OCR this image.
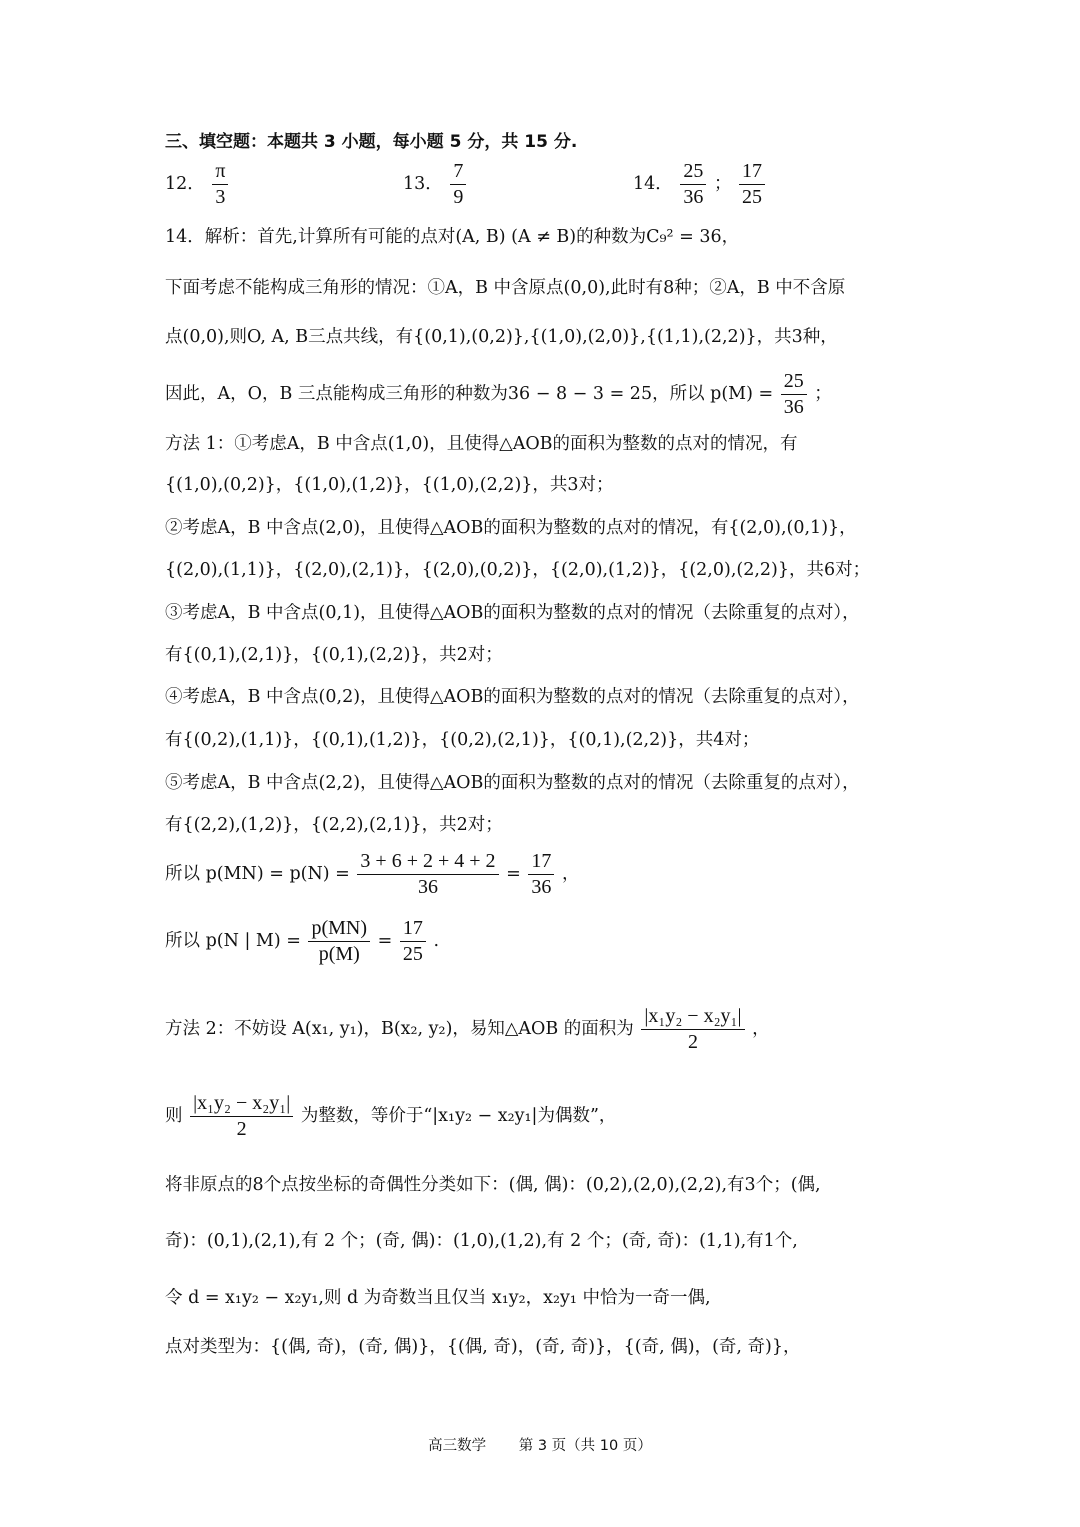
三、填空题：本题共 3 小题，每小题 5 分，共 15 分.
12． $\frac{\pi}{3}$	13． $\frac{7}{9}$	14． $\frac{25}{36}$ ； $\frac{17}{25}$
14．解析：首先,计算所有可能的点对(A, B) (A ≠ B)的种数为C₉² = 36，
下面考虑不能构成三角形的情况：①A，B 中含原点(0,0),此时有8种；②A，B 中不含原
点(0,0),则O, A, B三点共线，有{(0,1),(0,2)},{(1,0),(2,0)},{(1,1),(2,2)}，共3种，
因此，A，O，B 三点能构成三角形的种数为36 − 8 − 3 = 25，所以 $p(M) = \frac{25}{36}$ ；
方法 1：①考虑A，B 中含点(1,0)，且使得△AOB的面积为整数的点对的情况，有
{(1,0),(0,2)}，{(1,0),(1,2)}，{(1,0),(2,2)}，共3对；
②考虑A，B 中含点(2,0)，且使得△AOB的面积为整数的点对的情况，有{(2,0),(0,1)}，
{(2,0),(1,1)}，{(2,0),(2,1)}，{(2,0),(0,2)}，{(2,0),(1,2)}，{(2,0),(2,2)}，共6对；
③考虑A，B 中含点(0,1)，且使得△AOB的面积为整数的点对的情况（去除重复的点对），
有{(0,1),(2,1)}，{(0,1),(2,2)}，共2对；
④考虑A，B 中含点(0,2)，且使得△AOB的面积为整数的点对的情况（去除重复的点对），
有{(0,2),(1,1)}，{(0,1),(1,2)}，{(0,2),(2,1)}，{(0,1),(2,2)}，共4对；
⑤考虑A，B 中含点(2,2)，且使得△AOB的面积为整数的点对的情况（去除重复的点对），
有{(2,2),(1,2)}，{(2,2),(2,1)}，共2对；
所以 $p(MN) = p(N) = \frac{3 + 6 + 2 + 4 + 2}{36} = \frac{17}{36}$ ，
所以 p(N | $M) = \frac{p(MN)}{p(M)} = \frac{17}{25}$ .
方法 2：不妨设 A(x₁, y₁)，B(x₂, y₂)，易知△AOB 的面积为 $\frac{\text{|x₁y₂ − x₂y₁|}}{2}$ ，
则 $\frac{\text{|x₁y₂ − x₂y₁|}}{2}$ 为整数，等价于“|x₁y₂ − x₂y₁|为偶数”，
将非原点的8个点按坐标的奇偶性分类如下：(偶, 偶)：(0,2),(2,0),(2,2),有3个；(偶,
奇)：(0,1),(2,1),有 2 个；(奇, 偶)：(1,0),(1,2),有 2 个；(奇, 奇)：(1,1),有1个,
令 d = x₁y₂ − x₂y₁,则 d 为奇数当且仅当 x₁y₂，x₂y₁ 中恰为一奇一偶,
点对类型为：{(偶, 奇)，(奇, 偶)}，{(偶, 奇)，(奇, 奇)}，{(奇, 偶)，(奇, 奇)}，
高三数学 第 3 页（共 10 页）
